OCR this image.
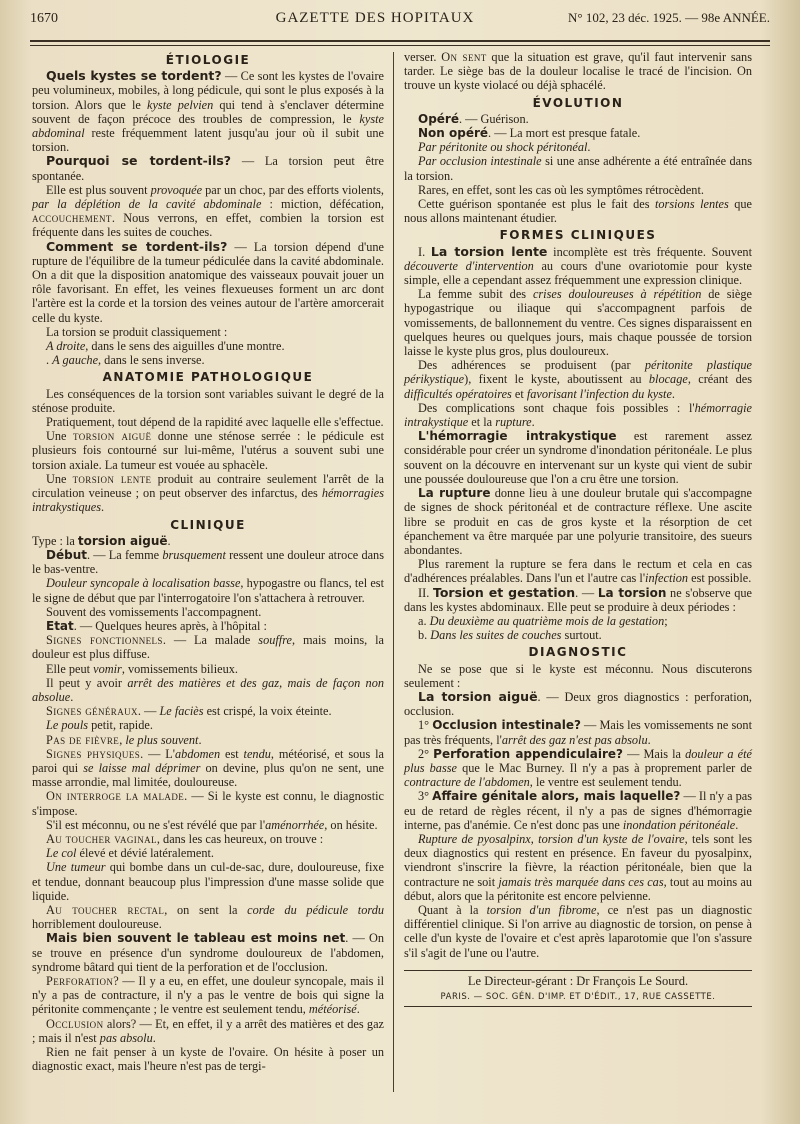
1670	GAZETTE DES HOPITAUX	N° 102, 23 déc. 1925. — 98e ANNÉE.
ÉTIOLOGIE

Quels kystes se tordent? — Ce sont les kystes de l'ovaire peu volumineux, mobiles, à long pédicule, qui sont le plus exposés à la torsion. Alors que le kyste pelvien qui tend à s'enclaver détermine souvent de façon précoce des troubles de compression, le kyste abdominal reste fréquemment latent jusqu'au jour où il subit une torsion.

Pourquoi se tordent-ils? — La torsion peut être spontanée.

Elle est plus souvent provoquée par un choc, par des efforts violents, par la déplétion de la cavité abdominale : miction, défécation, accouchement. Nous verrons, en effet, combien la torsion est fréquente dans les suites de couches.

Comment se tordent-ils? — La torsion dépend d'une rupture de l'équilibre de la tumeur pédiculée dans la cavité abdominale. On a dit que la disposition anatomique des vaisseaux pouvait jouer un rôle favorisant. En effet, les veines flexueuses forment un arc dont l'artère est la corde et la torsion des veines autour de l'artère amorcerait celle du kyste.

La torsion se produit classiquement :

A droite, dans le sens des aiguilles d'une montre.

. A gauche, dans le sens inverse.

ANATOMIE PATHOLOGIQUE

Les conséquences de la torsion sont variables suivant le degré de la sténose produite.

Pratiquement, tout dépend de la rapidité avec laquelle elle s'effectue.

Une torsion aiguë donne une sténose serrée : le pédicule est plusieurs fois contourné sur lui-même, l'utérus a souvent subi une torsion axiale. La tumeur est vouée au sphacèle.

Une torsion lente produit au contraire seulement l'arrêt de la circulation veineuse ; on peut observer des infarctus, des hémorragies intrakystiques.

CLINIQUE

Type : la torsion aiguë.

Début. — La femme brusquement ressent une douleur atroce dans le bas-ventre.

Douleur syncopale à localisation basse, hypogastre ou flancs, tel est le signe de début que par l'interrogatoire l'on s'attachera à retrouver.

Souvent des vomissements l'accompagnent.

Etat. — Quelques heures après, à l'hôpital :

Signes fonctionnels. — La malade souffre, mais moins, la douleur est plus diffuse.

Elle peut vomir, vomissements bilieux.

Il peut y avoir arrêt des matières et des gaz, mais de façon non absolue.

Signes généraux. — Le faciès est crispé, la voix éteinte.

Le pouls petit, rapide.

Pas de fièvre, le plus souvent.

Signes physiques. — L'abdomen est tendu, météorisé, et sous la paroi qui se laisse mal déprimer on devine, plus qu'on ne sent, une masse arrondie, mal limitée, douloureuse.

On interroge la malade. — Si le kyste est connu, le diagnostic s'impose.

S'il est méconnu, ou ne s'est révélé que par l'aménorrhée, on hésite.

Au toucher vaginal, dans les cas heureux, on trouve :

Le col élevé et dévié latéralement.

Une tumeur qui bombe dans un cul-de-sac, dure, douloureuse, fixe et tendue, donnant beaucoup plus l'impression d'une masse solide que liquide.

Au toucher rectal, on sent la corde du pédicule tordu horriblement douloureuse.

Mais bien souvent le tableau est moins net. — On se trouve en présence d'un syndrome douloureux de l'abdomen, syndrome bâtard qui tient de la perforation et de l'occlusion.

Perforation? — Il y a eu, en effet, une douleur syncopale, mais il n'y a pas de contracture, il n'y a pas le ventre de bois qui signe la péritonite commençante ; le ventre est seulement tendu, météorisé.

Occlusion alors? — Et, en effet, il y a arrêt des matières et des gaz ; mais il n'est pas absolu.

Rien ne fait penser à un kyste de l'ovaire. On hésite à poser un diagnostic exact, mais l'heure n'est pas de tergi-

verser. On sent que la situation est grave, qu'il faut intervenir sans tarder. Le siège bas de la douleur localise le tracé de l'incision. On trouve un kyste violacé ou déjà sphacélé.

ÉVOLUTION

Opéré. — Guérison.

Non opéré. — La mort est presque fatale.

Par péritonite ou shock péritonéal.

Par occlusion intestinale si une anse adhérente a été entraînée dans la torsion.

Rares, en effet, sont les cas où les symptômes rétrocèdent.

Cette guérison spontanée est plus le fait des torsions lentes que nous allons maintenant étudier.

FORMES CLINIQUES

I. La torsion lente incomplète est très fréquente. Souvent découverte d'intervention au cours d'une ovariotomie pour kyste simple, elle a cependant assez fréquemment une expression clinique.

La femme subit des crises douloureuses à répétition de siège hypogastrique ou iliaque qui s'accompagnent parfois de vomissements, de ballonnement du ventre. Ces signes disparaissent en quelques heures ou quelques jours, mais chaque poussée de torsion laisse le kyste plus gros, plus douloureux.

Des adhérences se produisent (par péritonite plastique périkystique), fixent le kyste, aboutissent au blocage, créant des difficultés opératoires et favorisant l'infection du kyste.

Des complications sont chaque fois possibles : l'hémorragie intrakystique et la rupture.

L'hémorragie intrakystique est rarement assez considérable pour créer un syndrome d'inondation péritonéale. Le plus souvent on la découvre en intervenant sur un kyste qui vient de subir une poussée douloureuse que l'on a cru être une torsion.

La rupture donne lieu à une douleur brutale qui s'accompagne de signes de shock péritonéal et de contracture réflexe. Une ascite libre se produit en cas de gros kyste et la résorption de cet épanchement va être marquée par une polyurie transitoire, des sueurs abondantes.

Plus rarement la rupture se fera dans le rectum et cela en cas d'adhérences préalables. Dans l'un et l'autre cas l'infection est possible.

II. Torsion et gestation. — La torsion ne s'observe que dans les kystes abdominaux. Elle peut se produire à deux périodes :

a. Du deuxième au quatrième mois de la gestation;

b. Dans les suites de couches surtout.

DIAGNOSTIC

Ne se pose que si le kyste est méconnu. Nous discuterons seulement :

La torsion aiguë. — Deux gros diagnostics : perforation, occlusion.

1° Occlusion intestinale? — Mais les vomissements ne sont pas très fréquents, l'arrêt des gaz n'est pas absolu.

2° Perforation appendiculaire? — Mais la douleur a été plus basse que le Mac Burney. Il n'y a pas à proprement parler de contracture de l'abdomen, le ventre est seulement tendu.

3° Affaire génitale alors, mais laquelle? — Il n'y a pas eu de retard de règles récent, il n'y a pas de signes d'hémorragie interne, pas d'anémie. Ce n'est donc pas une inondation péritonéale.

Rupture de pyosalpinx, torsion d'un kyste de l'ovaire, tels sont les deux diagnostics qui restent en présence. En faveur du pyosalpinx, viendront s'inscrire la fièvre, la réaction péritonéale, bien que la contracture ne soit jamais très marquée dans ces cas, tout au moins au début, alors que la péritonite est encore pelvienne.

Quant à la torsion d'un fibrome, ce n'est pas un diagnostic différentiel clinique. Si l'on arrive au diagnostic de torsion, on pense à celle d'un kyste de l'ovaire et c'est après laparotomie que l'on s'assure s'il s'agit de l'une ou l'autre.

Le Directeur-gérant : Dr François Le Sourd.
PARIS. — SOC. GÉN. D'IMP. ET D'ÉDIT., 17, RUE CASSETTE.
